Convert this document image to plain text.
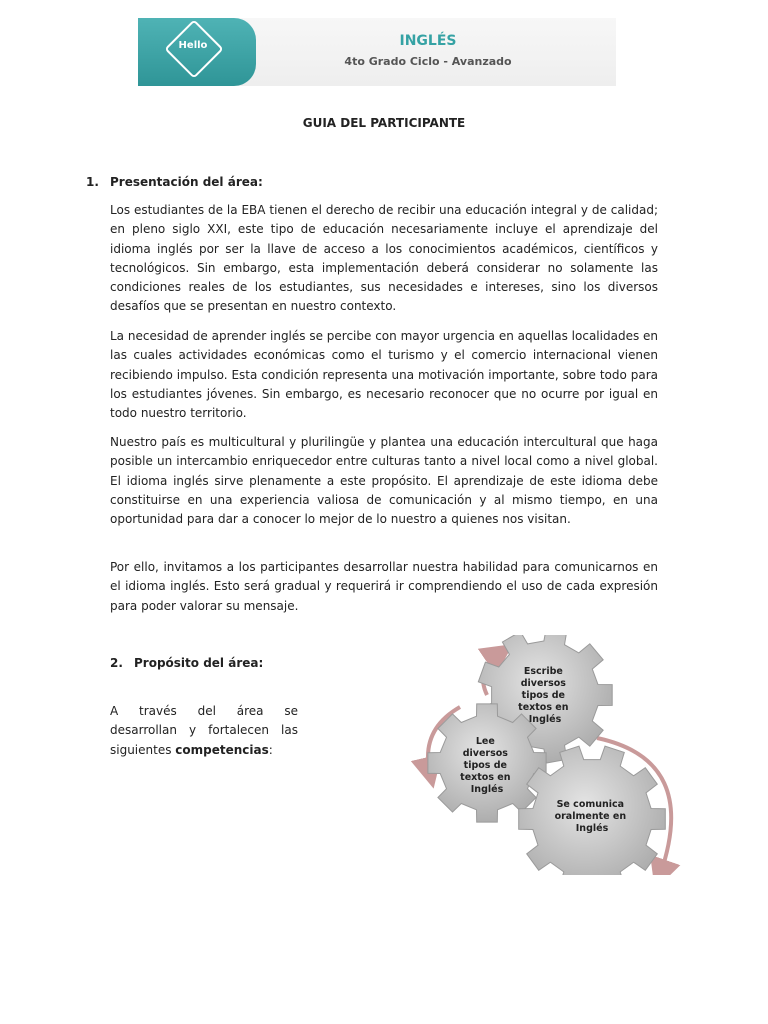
Hello	INGLÉS
4to Grado Ciclo - Avanzado
GUIA DEL PARTICIPANTE
1. Presentación del área:

Los estudiantes de la EBA tienen el derecho de recibir una educación integral y de calidad; en pleno siglo XXI, este tipo de educación necesariamente incluye el aprendizaje del idioma inglés por ser la llave de acceso a los conocimientos académicos, científicos y tecnológicos. Sin embargo, esta implementación deberá considerar no solamente las condiciones reales de los estudiantes, sus necesidades e intereses, sino los diversos desafíos que se presentan en nuestro contexto.

La necesidad de aprender inglés se percibe con mayor urgencia en aquellas localidades en las cuales actividades económicas como el turismo y el comercio internacional vienen recibiendo impulso. Esta condición representa una motivación importante, sobre todo para los estudiantes jóvenes. Sin embargo, es necesario reconocer que no ocurre por igual en todo nuestro territorio.

Nuestro país es multicultural y plurilingüe y plantea una educación intercultural que haga posible un intercambio enriquecedor entre culturas tanto a nivel local como a nivel global. El idioma inglés sirve plenamente a este propósito. El aprendizaje de este idioma debe constituirse en una experiencia valiosa de comunicación y al mismo tiempo, en una oportunidad para dar a conocer lo mejor de lo nuestro a quienes nos visitan.

Por ello, invitamos a los participantes desarrollar nuestra habilidad para comunicarnos en el idioma inglés. Esto será gradual y requerirá ir comprendiendo el uso de cada expresión para poder valorar su mensaje.

2. Propósito del área:

A través del área se desarrollan y fortalecen las siguientes competencias:

Escribe diversos tipos de textos en Inglés
Lee diversos tipos de textos en Inglés
Se comunica oralmente en Inglés
